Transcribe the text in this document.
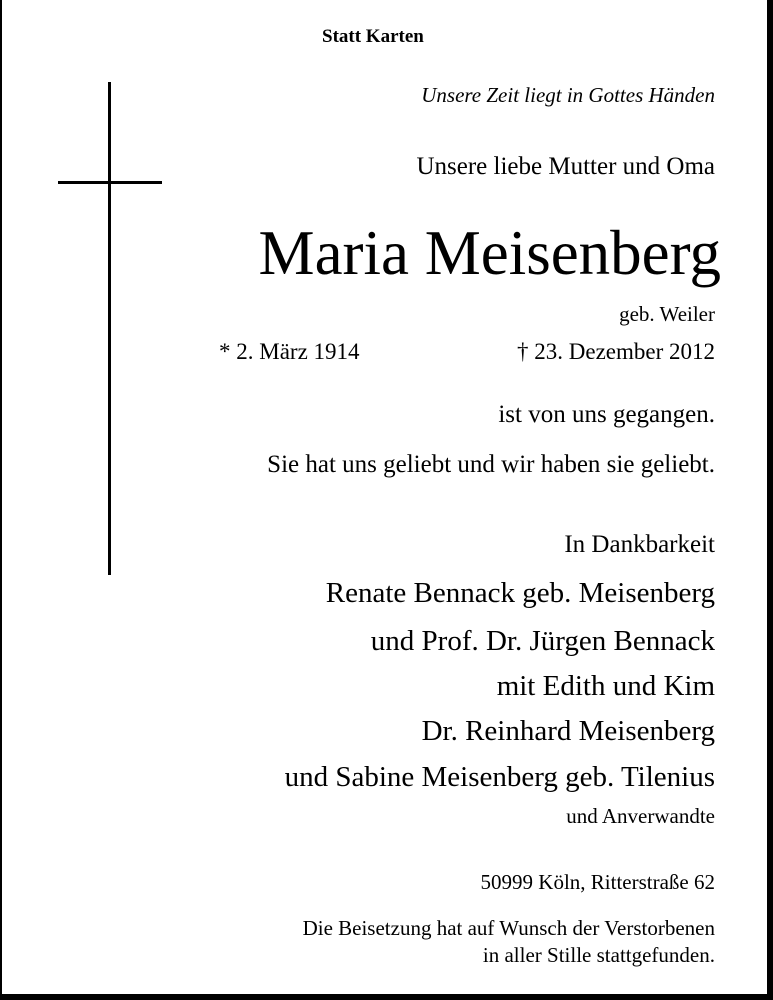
Statt Karten
Unsere Zeit liegt in Gottes Händen
Unsere liebe Mutter und Oma
Maria Meisenberg
geb. Weiler
* 2. März 1914	† 23. Dezember 2012
ist von uns gegangen.
Sie hat uns geliebt und wir haben sie geliebt.
In Dankbarkeit
Renate Bennack geb. Meisenberg
und Prof. Dr. Jürgen Bennack
mit Edith und Kim
Dr. Reinhard Meisenberg
und Sabine Meisenberg geb. Tilenius
und Anverwandte
50999 Köln, Ritterstraße 62
Die Beisetzung hat auf Wunsch der Verstorbenen
in aller Stille stattgefunden.
